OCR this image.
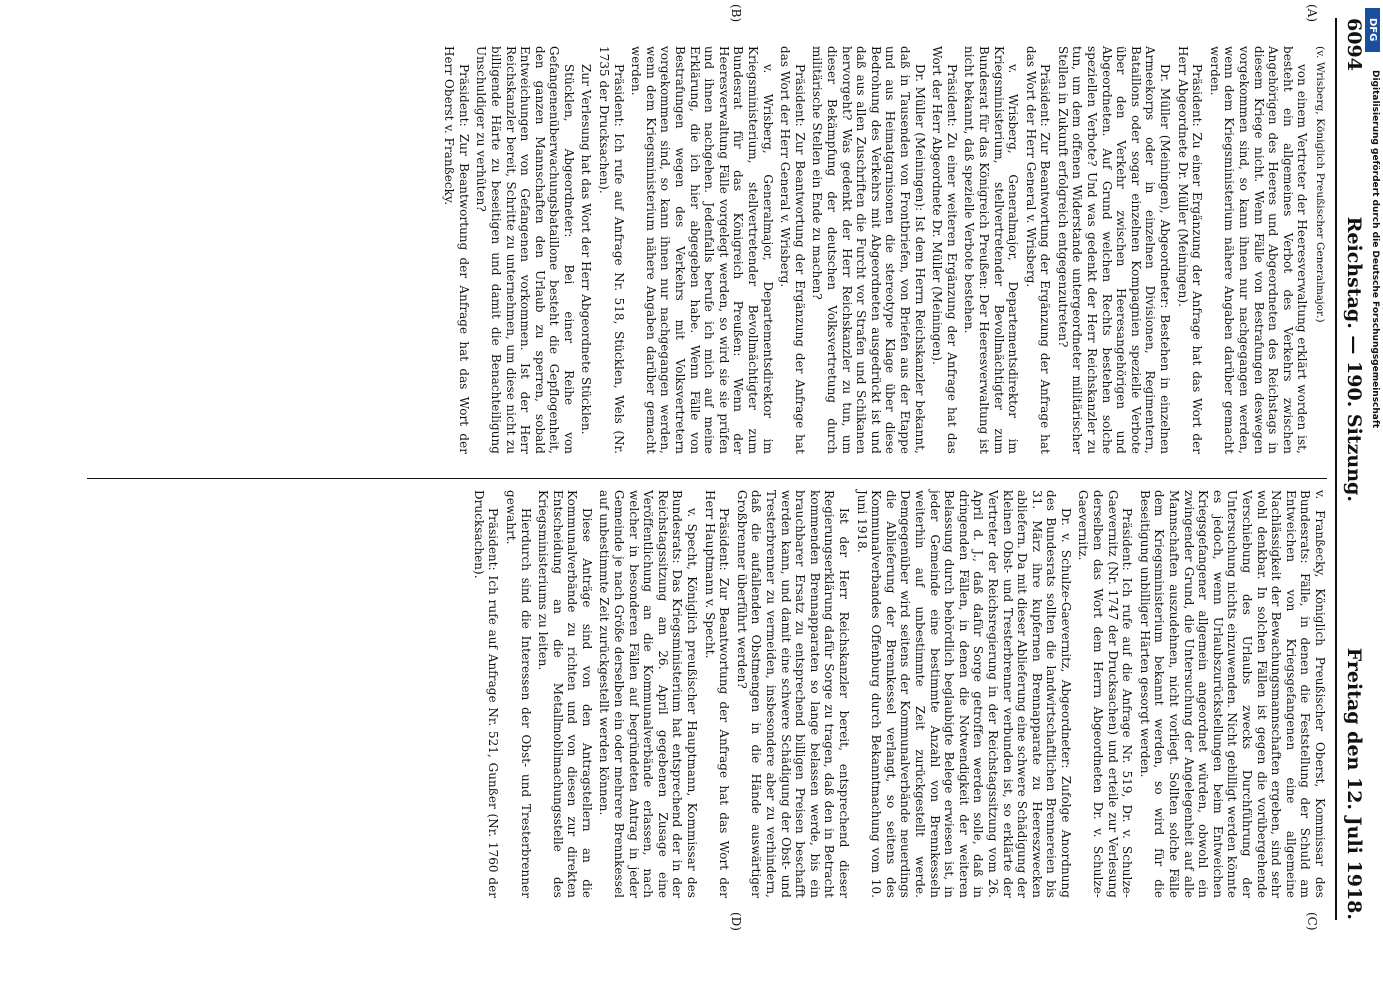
6094
Reichstag. — 190. Sitzung.
Freitag den 12. Juli 1918.
(A)
(B)
(C)
(D)

(v. Wrisberg, Königlich Preußischer Generalmajor.)

von einem Vertreter der Heeresverwaltung erklärt worden ist, besteht ein allgemeines Verbot des Verkehrs zwischen Angehörigen des Heeres und Abgeordneten des Reichstags in diesem Kriege nicht. Wenn Fälle von Bestrafungen deswegen vorgekommen sind, so kann ihnen nur nachgegangen werden, wenn dem Kriegsministerium nähere Angaben darüber gemacht werden.

Präsident: Zu einer Ergänzung der Anfrage hat das Wort der Herr Abgeordnete Dr. Müller (Meiningen).

Dr. Müller (Meiningen), Abgeordneter: Bestehen in einzelnen Armeekorps oder in einzelnen Divisionen, Regimentern, Bataillons oder sogar einzelnen Kompagnien spezielle Verbote über den Verkehr zwischen Heeresangehörigen und Abgeordneten. Auf Grund welchen Rechts bestehen solche speziellen Verbote? Und was gedenkt der Herr Reichskanzler zu tun, um dem offenen Widerstande untergeordneter militärischer Stellen in Zukunft erfolgreich entgegenzutreten?

Präsident: Zur Beantwortung der Ergänzung der Anfrage hat das Wort der Herr General v. Wrisberg.

v. Wrisberg, Generalmajor, Departementsdirektor im Kriegsministerium, stellvertretender Bevollmächtigter zum Bundesrat für das Königreich Preußen: Der Heeresverwaltung ist nicht bekannt, daß spezielle Verbote bestehen.

Präsident: Zu einer weiteren Ergänzung der Anfrage hat das Wort der Herr Abgeordnete Dr. Müller (Meiningen).

Dr. Müller (Meiningen): Ist dem Herrn Reichskanzler bekannt, daß in Tausenden von Frontbriefen, von Briefen aus der Etappe und aus Heimatgarnisonen die stereotype Klage über diese Bedrohung des Verkehrs mit Abgeordneten ausgedrückt ist und daß aus allen Zuschriften die Furcht vor Strafen und Schikanen hervorgeht? Was gedenkt der Herr Reichskanzler zu tun, um dieser Bekämpfung der deutschen Volksvertretung durch militärische Stellen ein Ende zu machen?

Präsident: Zur Beantwortung der Ergänzung der Anfrage hat das Wort der Herr General v. Wrisberg.

v. Wrisberg, Generalmajor, Departementsdirektor im Kriegsministerium, stellvertretender Bevollmächtigter zum Bundesrat für das Königreich Preußen: Wenn der Heeresverwaltung Fälle vorgelegt werden, so wird sie sie prüfen und ihnen nachgehen. Jedenfalls berufe ich mich auf meine Erklärung, die ich hier abgegeben habe. Wenn Fälle von Bestrafungen wegen des Verkehrs mit Volksvertretern vorgekommen sind, so kann ihnen nur nachgegangen werden, wenn dem Kriegsministerium nähere Angaben darüber gemacht werden.

Präsident: Ich rufe auf Anfrage Nr. 518, Stücklen, Wels (Nr. 1735 der Drucksachen).

Zur Verlesung hat das Wort der Herr Abgeordnete Stücklen.

Stücklen, Abgeordneter: Bei einer Reihe von Gefangenenüberwachungsbataillone besteht die Gepflogenheit, den ganzen Mannschaften den Urlaub zu sperren, sobald Entweichungen von Gefangenen vorkommen. Ist der Herr Reichskanzler bereit, Schritte zu unternehmen, um diese nicht zu billigende Härte zu beseitigen und damit die Benachteiligung Unschuldiger zu verhüten?

Präsident: Zur Beantwortung der Anfrage hat das Wort der Herr Oberst v. Franßecky.

v. Franßecky, Königlich Preußischer Oberst, Kommissar des Bundesrats: Fälle, in denen die Feststellung der Schuld am Entweichen von Kriegsgefangenen eine allgemeine Nachlässigkeit der Bewachungsmannschaften ergeben, sind sehr wohl denkbar. In solchen Fällen ist gegen die vorübergehende Verschiebung des Urlaubs zwecks Durchführung der Untersuchung nichts einzuwenden. Nicht gebilligt werden könnte es jedoch, wenn Urlaubszurückstellungen beim Entweichen Kriegsgefangener allgemein angeordnet würden, obwohl ein zwingender Grund, die Untersuchung der Angelegenheit auf alle Mannschaften auszudehnen, nicht vorliegt. Sollten solche Fälle dem Kriegsministerium bekannt werden, so wird für die Beseitigung unbilliger Härten gesorgt werden.

Präsident: Ich rufe auf die Anfrage Nr. 519, Dr. v. Schulze-Gaevernitz (Nr. 1747 der Drucksachen) und erteile zur Verlesung derselben das Wort dem Herrn Abgeordneten Dr. v. Schulze-Gaevernitz.

Dr. v. Schulze-Gaevernitz, Abgeordneter: Zufolge Anordnung des Bundesrats sollten die landwirtschaftlichen Brennereien bis 31. März ihre kupfernen Brennapparate zu Heereszwecken abliefern. Da mit dieser Ablieferung eine schwere Schädigung der kleinen Obst- und Tresterbrenner verbunden ist, so erklärte der Vertreter der Reichsregierung in der Reichstagssitzung vom 26. April d. J., daß dafür Sorge getroffen werden solle, daß in dringenden Fällen, in denen die Notwendigkeit der weiteren Belassung durch behördlich beglaubigte Belege erwiesen ist, in jeder Gemeinde eine bestimmte Anzahl von Brennkesseln weiterhin auf unbestimmte Zeit zurückgestellt werde. Demgegenüber wird seitens der Kommunalverbände neuerdings die Ablieferung der Brennkessel verlangt, so seitens des Kommunalverbandes Offenburg durch Bekanntmachung vom 10. Juni 1918.

Ist der Herr Reichskanzler bereit, entsprechend dieser Regierungserklärung dafür Sorge zu tragen, daß den in Betracht kommenden Brennapparaten so lange belassen werde, bis ein brauchbarer Ersatz zu entsprechend billigen Preisen beschafft werden kann, und damit eine schwere Schädigung der Obst- und Tresterbrenner zu vermeiden, insbesondere aber zu verhindern, daß die aufallenden Obstmengen in die Hände auswärtiger Großbrenner überführt werden?

Präsident: Zur Beantwortung der Anfrage hat das Wort der Herr Hauptmann v. Specht.

v. Specht, Königlich preußischer Hauptmann, Kommissar des Bundesrats: Das Kriegsministerium hat entsprechend der in der Reichstagssitzung am 26. April gegebenen Zusage eine Veröffentlichung an die Kommunalverbände erlassen, nach welcher in besonderen Fällen auf begründeten Antrag in jeder Gemeinde je nach Größe derselben ein oder mehrere Brennkessel auf unbestimmte Zeit zurückgestellt werden können.

Diese Anträge sind von den Antragstellern an die Kommunalverbände zu richten und von diesen zur direkten Entscheidung an die Metallmobilmachungsstelle des Kriegsministeriums zu leiten.

Hierdurch sind die Interessen der Obst- und Tresterbrenner gewahrt.

Präsident: Ich rufe auf Anfrage Nr. 521, Gunßer (Nr. 1760 der Drucksachen).

DFG
Digitalisierung gefördert durch die Deutsche Forschungsgemeinschaft
